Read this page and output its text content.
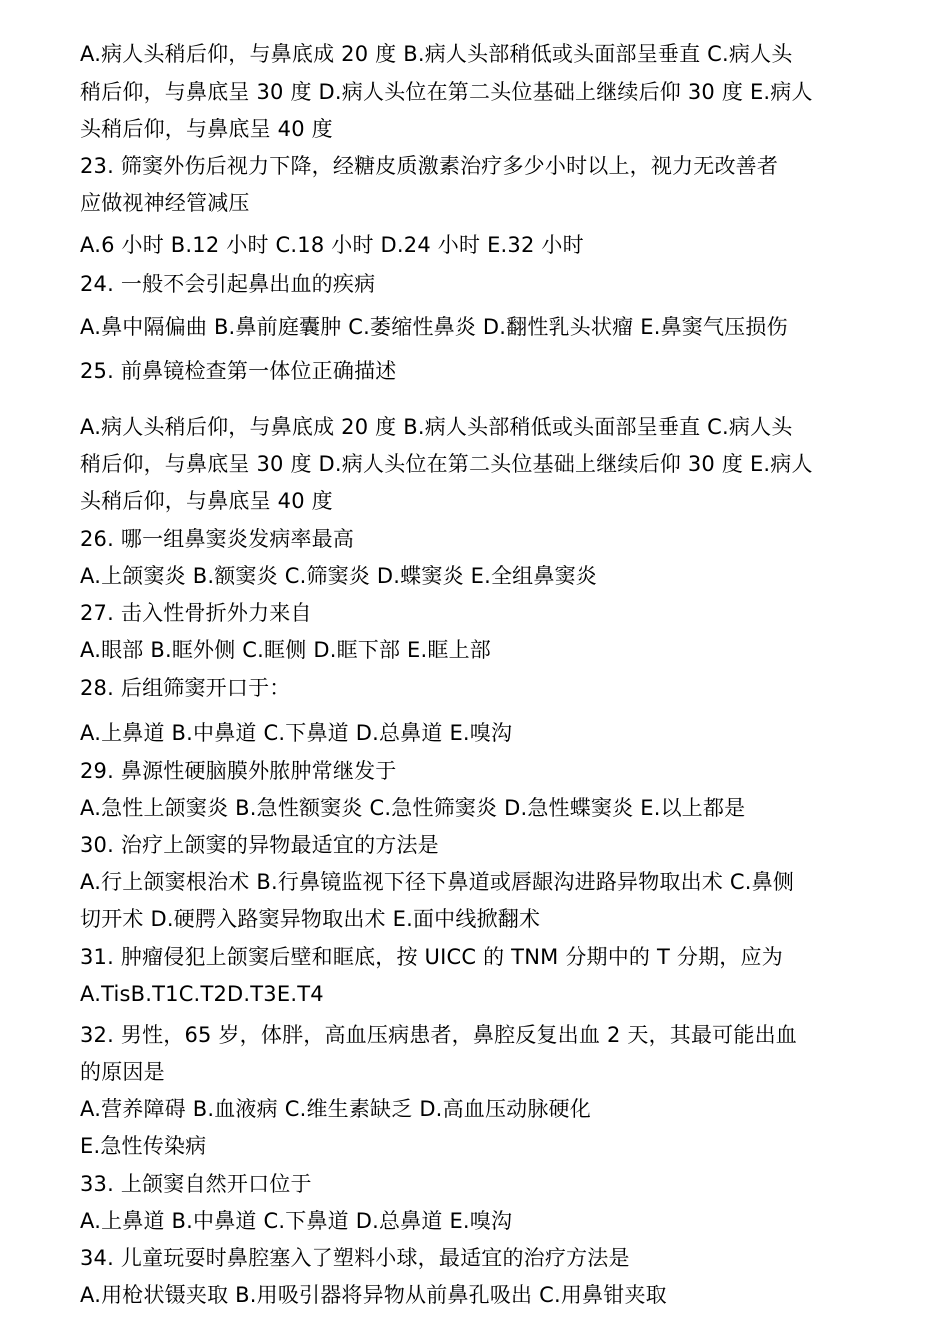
A.病人头稍后仰，与鼻底成 20 度 B.病人头部稍低或头面部呈垂直 C.病人头
稍后仰，与鼻底呈 30 度 D.病人头位在第二头位基础上继续后仰 30 度 E.病人
头稍后仰，与鼻底呈 40 度
23. 筛窦外伤后视力下降，经糖皮质激素治疗多少小时以上，视力无改善者
应做视神经管减压
A.6 小时 B.12 小时 C.18 小时 D.24 小时 E.32 小时
24. 一般不会引起鼻出血的疾病
A.鼻中隔偏曲 B.鼻前庭囊肿 C.萎缩性鼻炎 D.翻性乳头状瘤 E.鼻窦气压损伤
25. 前鼻镜检查第一体位正确描述
A.病人头稍后仰，与鼻底成 20 度 B.病人头部稍低或头面部呈垂直 C.病人头
稍后仰，与鼻底呈 30 度 D.病人头位在第二头位基础上继续后仰 30 度 E.病人
头稍后仰，与鼻底呈 40 度
26. 哪一组鼻窦炎发病率最高
A.上颌窦炎 B.额窦炎 C.筛窦炎 D.蝶窦炎 E.全组鼻窦炎
27. 击入性骨折外力来自
A.眼部 B.眶外侧 C.眶侧 D.眶下部 E.眶上部
28. 后组筛窦开口于：
A.上鼻道 B.中鼻道 C.下鼻道 D.总鼻道 E.嗅沟
29. 鼻源性硬脑膜外脓肿常继发于
A.急性上颌窦炎 B.急性额窦炎 C.急性筛窦炎 D.急性蝶窦炎 E.以上都是
30. 治疗上颌窦的异物最适宜的方法是
A.行上颌窦根治术 B.行鼻镜监视下径下鼻道或唇龈沟进路异物取出术 C.鼻侧
切开术 D.硬腭入路窦异物取出术 E.面中线掀翻术
31. 肿瘤侵犯上颌窦后壁和眶底，按 UICC 的 TNM 分期中的 T 分期，应为
A.TisB.T1C.T2D.T3E.T4
32. 男性，65 岁，体胖，高血压病患者，鼻腔反复出血 2 天，其最可能出血
的原因是
A.营养障碍 B.血液病 C.维生素缺乏 D.高血压动脉硬化
E.急性传染病
33. 上颌窦自然开口位于
A.上鼻道 B.中鼻道 C.下鼻道 D.总鼻道 E.嗅沟
34. 儿童玩耍时鼻腔塞入了塑料小球，最适宜的治疗方法是
A.用枪状镊夹取 B.用吸引器将异物从前鼻孔吸出 C.用鼻钳夹取
